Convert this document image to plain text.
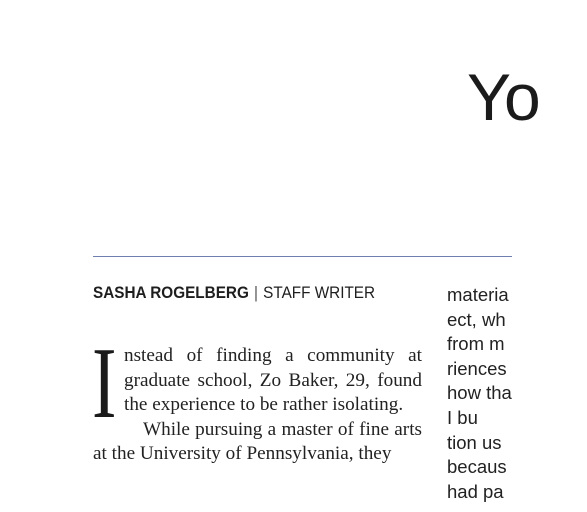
Yo
SASHA ROGELBERG | STAFF WRITER

Instead of finding a community at graduate school, Zo Baker, 29, found the experience to be rather isolating.

While pursuing a master of fine arts at the University of Pennsylvania, they

materia
ect, wh
from m
riences
how tha
I bu
tion us
becaus
had pa
